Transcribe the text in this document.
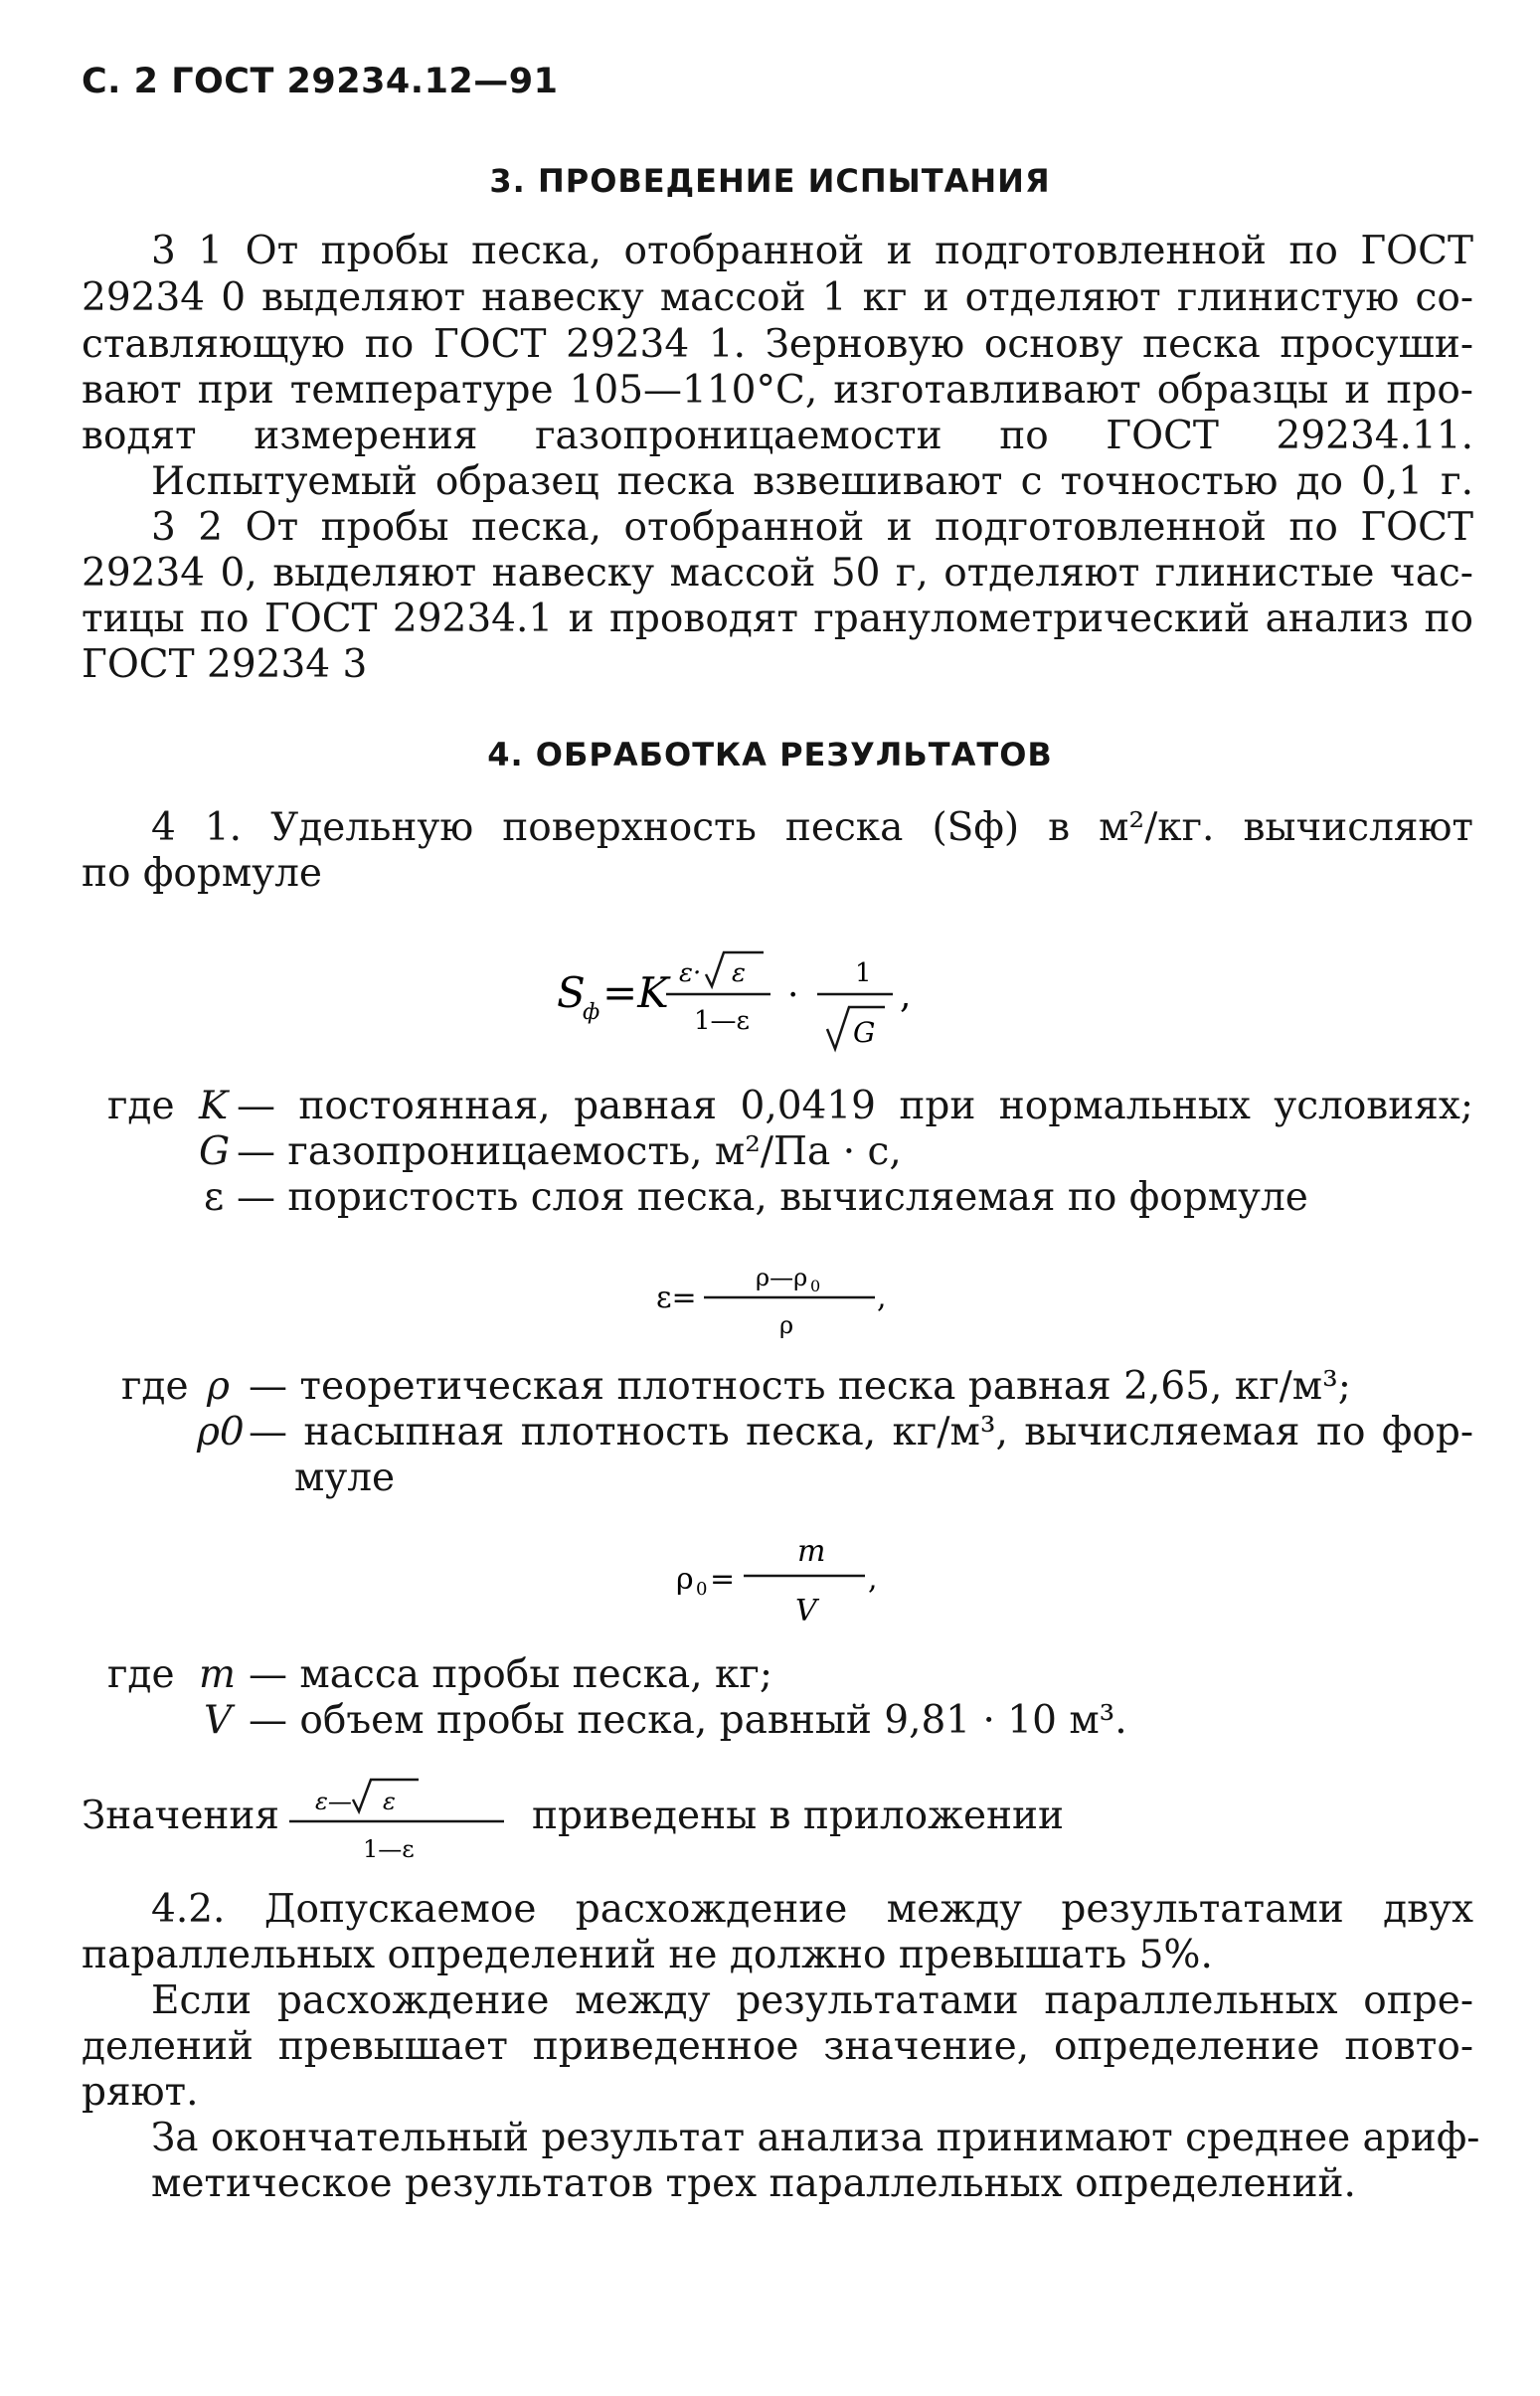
С. 2 ГОСТ 29234.12—91
3. ПРОВЕДЕНИЕ ИСПЫТАНИЯ
3 1 От пробы песка, отобранной и подготовленной по ГОСТ
29234 0 выделяют навеску массой 1 кг и отделяют глинистую со-
ставляющую по ГОСТ 29234 1. Зерновую основу песка просуши-
вают при температуре 105—110°С, изготавливают образцы и про-
водят измерения газопроницаемости по ГОСТ 29234.11.
Испытуемый образец песка взвешивают с точностью до 0,1 г.
3 2 От пробы песка, отобранной и подготовленной по ГОСТ
29234 0, выделяют навеску массой 50 г, отделяют глинистые час-
тицы по ГОСТ 29234.1 и проводят гранулометрический анализ по
ГОСТ 29234 3
4. ОБРАБОТКА РЕЗУЛЬТАТОВ
4 1. Удельную поверхность песка (Sф) в м²/кг. вычисляют
по формуле
S
ф =K ε· ε
1—ε
·
1
G
,
где K — постоянная, равная 0,0419 при нормальных условиях;
G — газопроницаемость, м²/Па · с,
ε — пористость слоя песка, вычисляемая по формуле
ε=
ρ—ρ 0
ρ
,
где ρ — теоретическая плотность песка равная 2,65, кг/м³;
ρ0 — насыпная плотность песка, кг/м³, вычисляемая по фор-
муле
ρ 0 =
m
V
,
где m — масса пробы песка, кг;
V — объем пробы песка, равный 9,81 · 10 м³.
Значения ε— ε
1—ε
приведены в приложении
4.2. Допускаемое расхождение между результатами двух
параллельных определений не должно превышать 5%.
Если расхождение между результатами параллельных опре-
делений превышает приведенное значение, определение повто-
ряют.
За окончательный результат анализа принимают среднее ариф-
метическое результатов трех параллельных определений.
